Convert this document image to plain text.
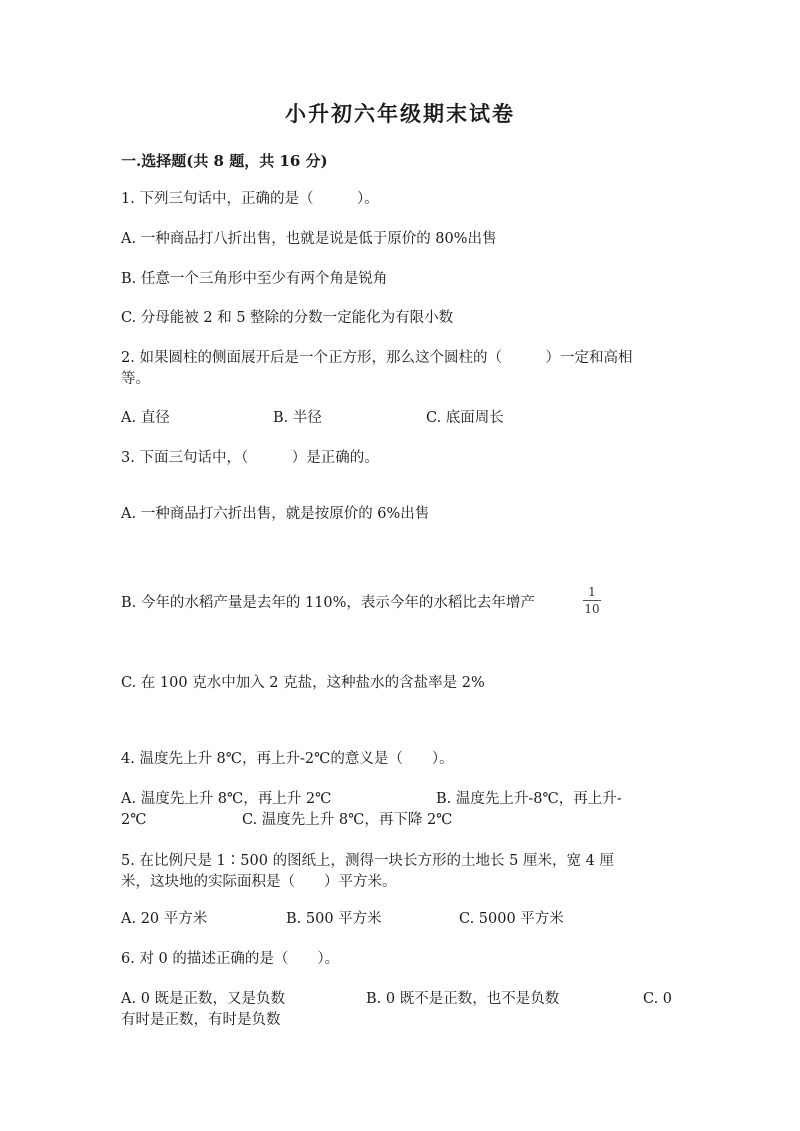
小升初六年级期末试卷
一.选择题(共 8 题，共 16 分)
1. 下列三句话中，正确的是（　　　）。
A. 一种商品打八折出售，也就是说是低于原价的 80%出售
B. 任意一个三角形中至少有两个角是锐角
C. 分母能被 2 和 5 整除的分数一定能化为有限小数
2. 如果圆柱的侧面展开后是一个正方形，那么这个圆柱的（　　　）一定和高相
等。
A. 直径	B. 半径	C. 底面周长
3. 下面三句话中，（　　　）是正确的。
A. 一种商品打六折出售，就是按原价的 6%出售
B. 今年的水稻产量是去年的 110%，表示今年的水稻比去年增产
1
10
C. 在 100 克水中加入 2 克盐，这种盐水的含盐率是 2%
4. 温度先上升 8℃，再上升-2℃的意义是（　　）。
A. 温度先上升 8℃，再上升 2℃	B. 温度先上升-8℃，再上升-
2℃	C. 温度先上升 8℃，再下降 2℃
5. 在比例尺是 1∶500 的图纸上，测得一块长方形的土地长 5 厘米，宽 4 厘
米，这块地的实际面积是（　　）平方米。
A. 20 平方米	B. 500 平方米	C. 5000 平方米
6. 对 0 的描述正确的是（　　）。
A. 0 既是正数，又是负数	B. 0 既不是正数，也不是负数	C. 0
有时是正数，有时是负数
